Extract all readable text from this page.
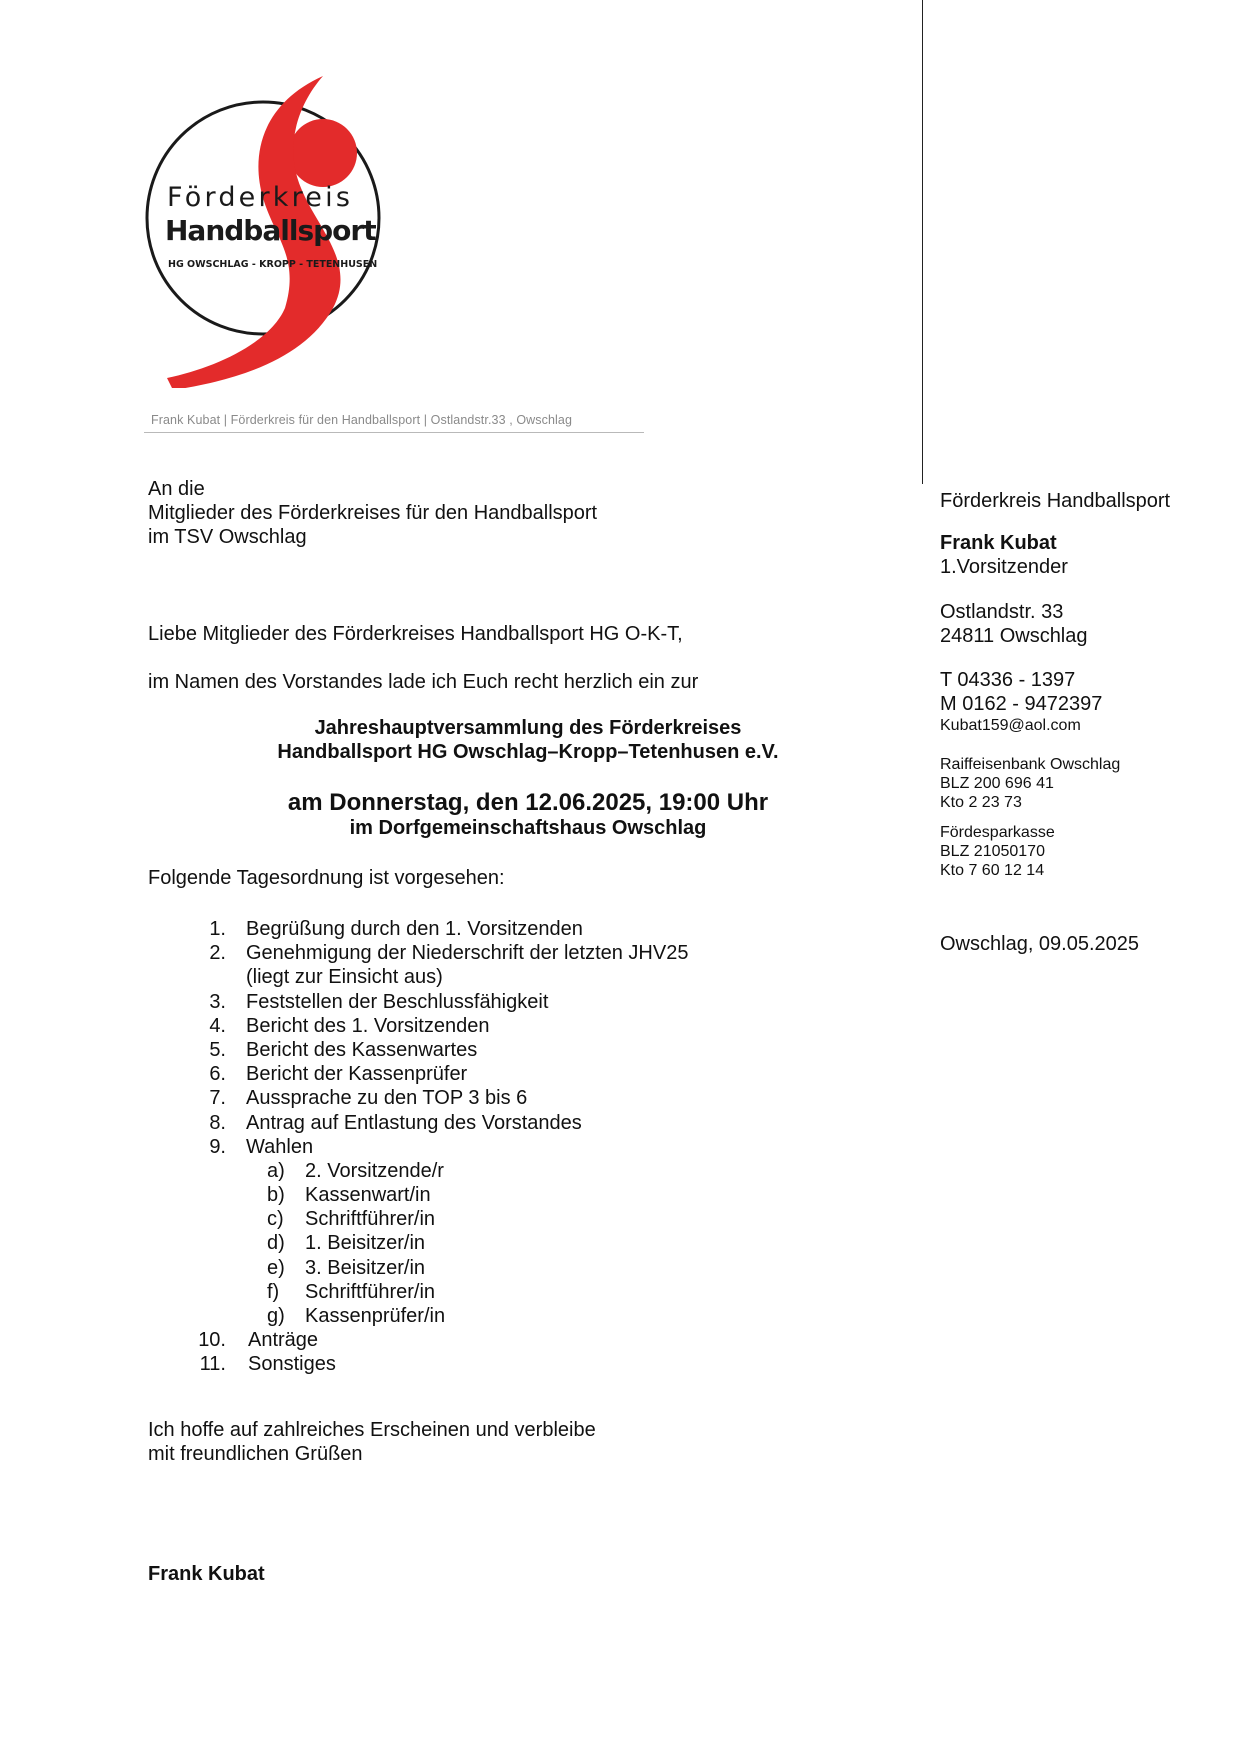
Förderkreis
Handballsport
HG OWSCHLAG - KROPP - TETENHUSEN
Frank Kubat | Förderkreis für den Handballsport | Ostlandstr.33 , Owschlag
An die
Mitglieder des Förderkreises für den Handballsport
im TSV Owschlag
Liebe Mitglieder des Förderkreises Handballsport HG O-K-T,
im Namen des Vorstandes lade ich Euch recht herzlich ein zur
Jahreshauptversammlung des Förderkreises
Handballsport HG Owschlag–Kropp–Tetenhusen e.V.
am Donnerstag, den 12.06.2025, 19:00 Uhr
im Dorfgemeinschaftshaus Owschlag
Folgende Tagesordnung ist vorgesehen:
1. Begrüßung durch den 1. Vorsitzenden
2. Genehmigung der Niederschrift der letzten JHV25
(liegt zur Einsicht aus)
3. Feststellen der Beschlussfähigkeit
4. Bericht des 1. Vorsitzenden
5. Bericht des Kassenwartes
6. Bericht der Kassenprüfer
7. Aussprache zu den TOP 3 bis 6
8. Antrag auf Entlastung des Vorstandes
9. Wahlen
a) 2. Vorsitzende/r
b) Kassenwart/in
c) Schriftführer/in
d) 1. Beisitzer/in
e) 3. Beisitzer/in
f) Schriftführer/in
g) Kassenprüfer/in
10. Anträge
11. Sonstiges
Ich hoffe auf zahlreiches Erscheinen und verbleibe
mit freundlichen Grüßen
Frank Kubat
Förderkreis Handballsport
Frank Kubat
1.Vorsitzender
Ostlandstr. 33
24811 Owschlag
T 04336 - 1397
M 0162 - 9472397
Kubat159@aol.com
Raiffeisenbank Owschlag
BLZ 200 696 41
Kto 2 23 73
Fördesparkasse
BLZ 21050170
Kto 7 60 12 14
Owschlag, 09.05.2025
